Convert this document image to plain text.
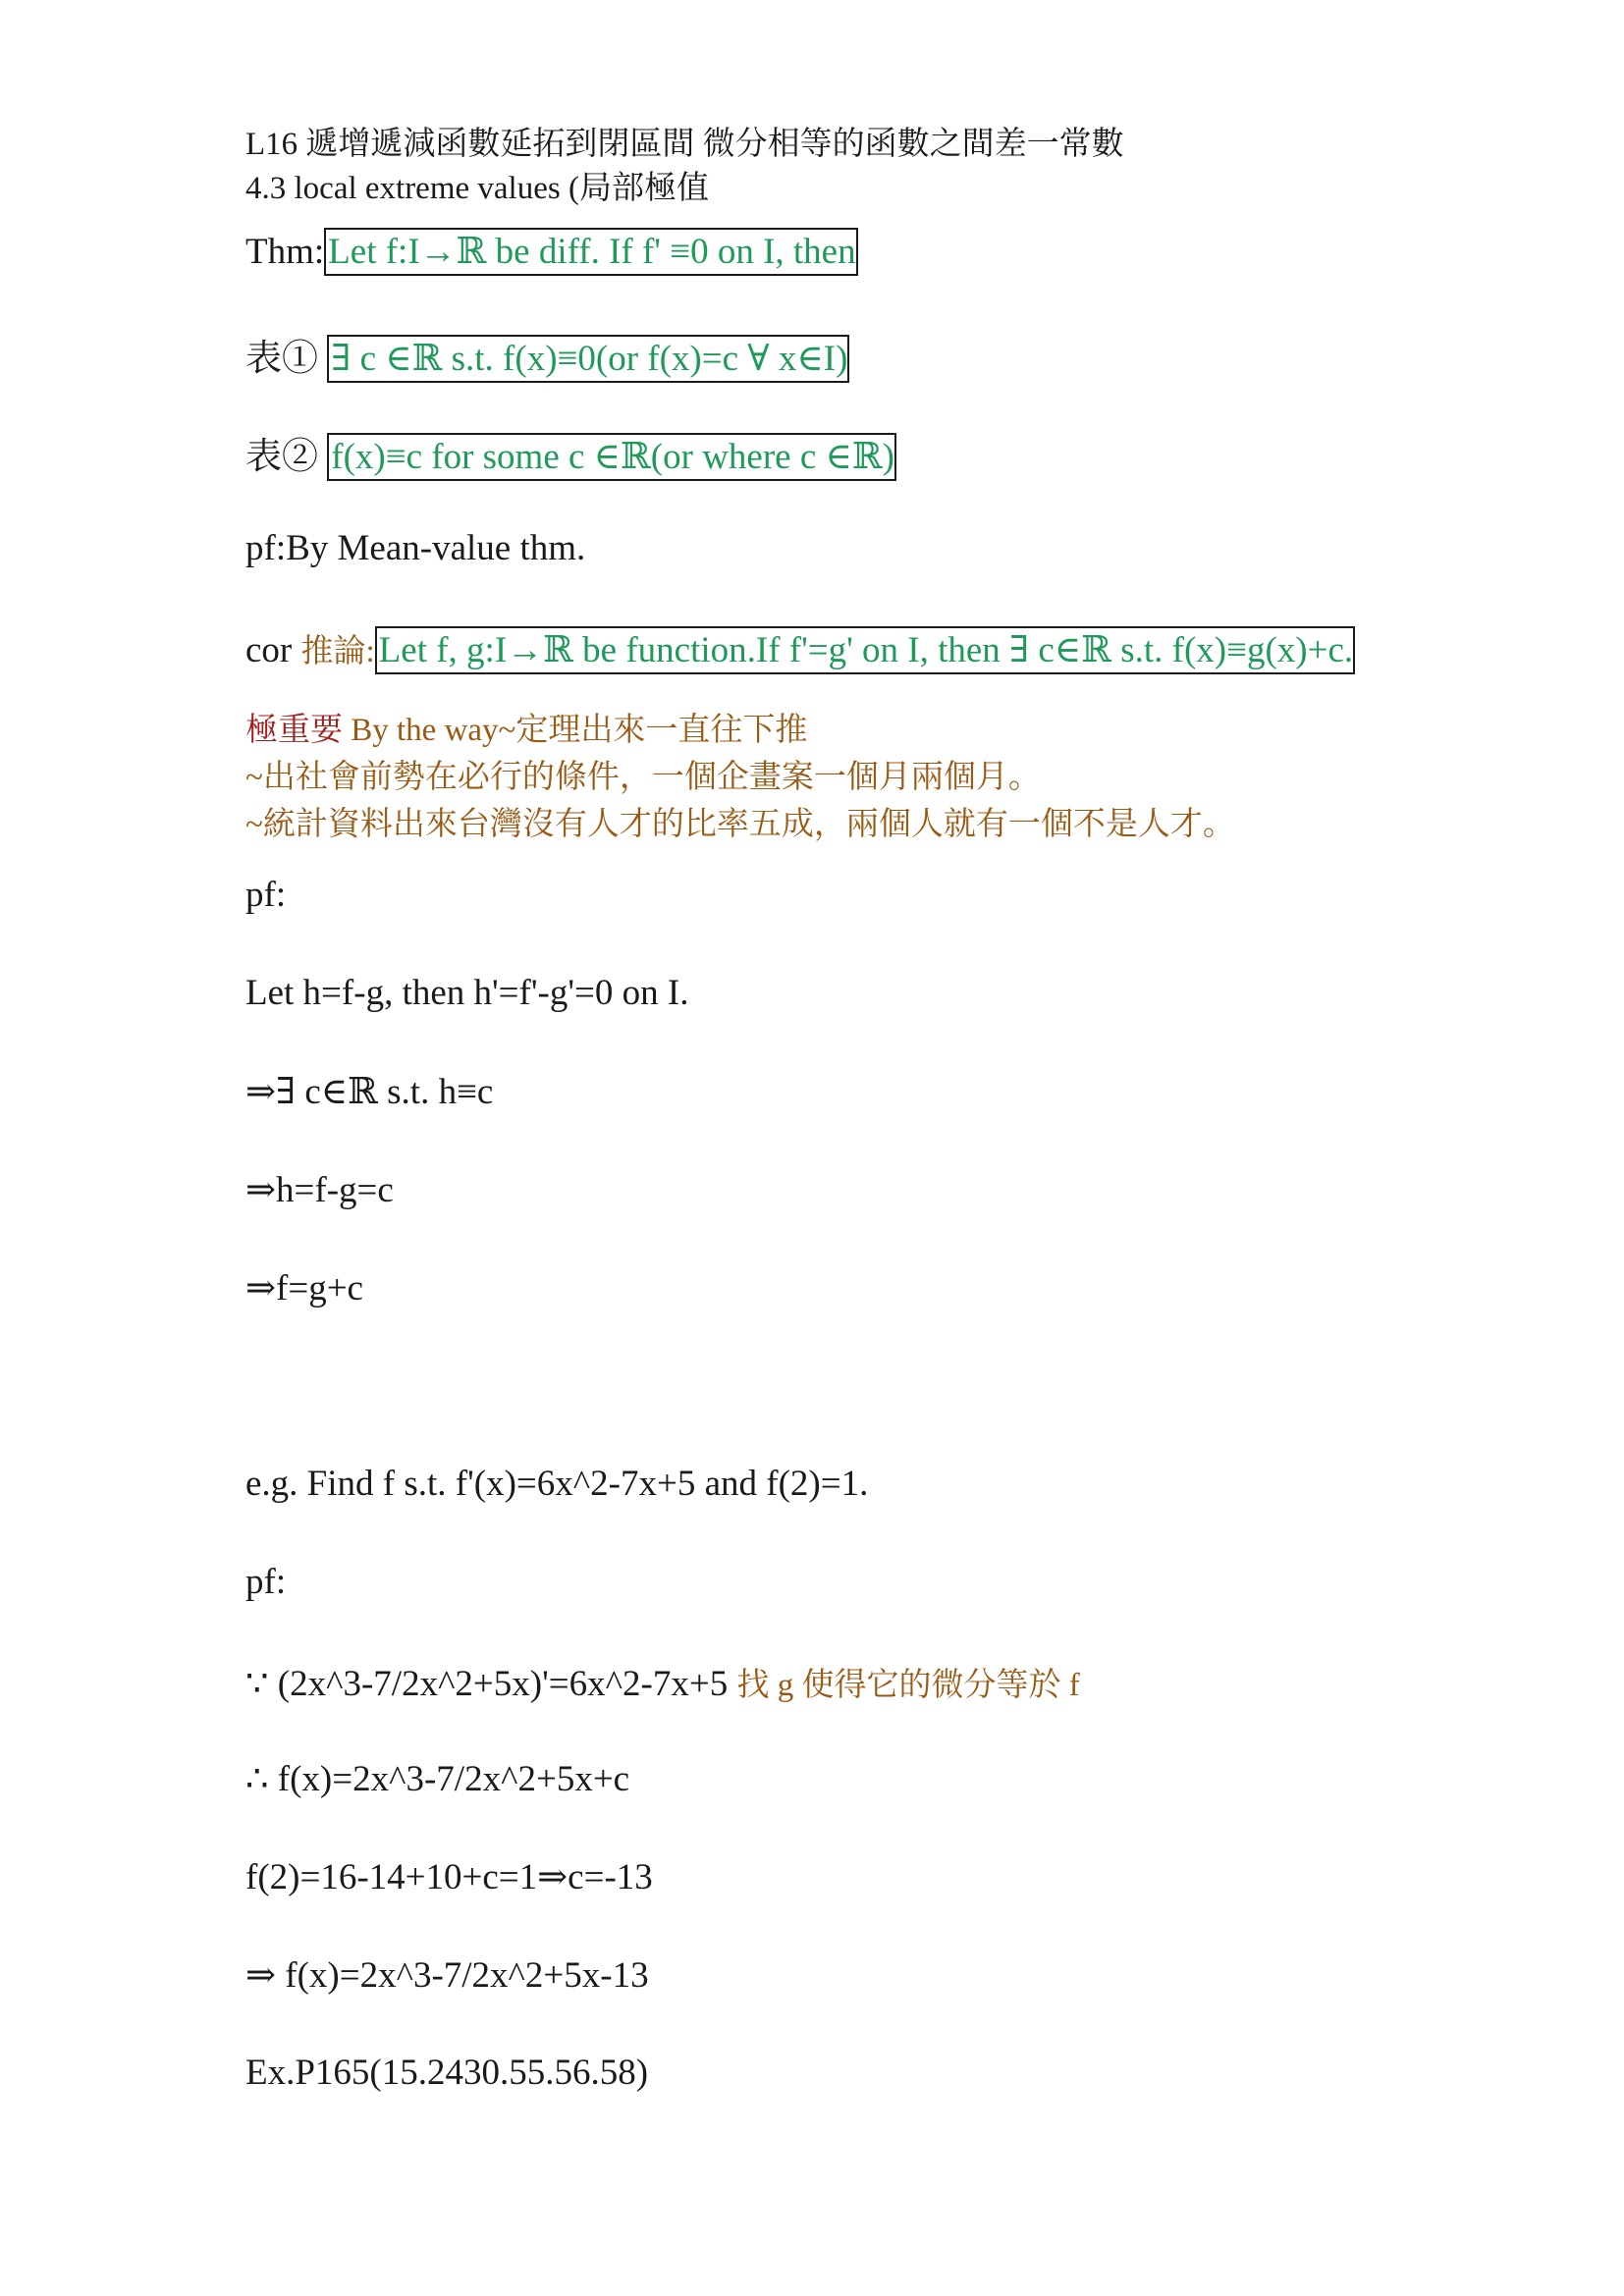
L16 遞增遞減函數延拓到閉區間 微分相等的函數之間差一常數
4.3 local extreme values (局部極值
Thm: Let f:I→ℝ be diff. If f' ≡0 on I, then
表① ∃ c ∈ℝ s.t. f(x)≡0(or f(x)=c ∀ x∈I)
表② f(x)≡c for some c ∈ℝ(or where c ∈ℝ)
pf:By Mean-value thm.
cor 推論: Let f, g:I→ℝ be function.If f'=g' on I, then ∃ c∈ℝ s.t. f(x)≡g(x)+c.
極重要 By the way~定理出來一直往下推
~出社會前勢在必行的條件，一個企畫案一個月兩個月。
~統計資料出來台灣沒有人才的比率五成，兩個人就有一個不是人才。
pf:
Let h=f-g, then h'=f'-g'=0 on I.
⇒∃ c∈ℝ s.t. h≡c
⇒h=f-g=c
⇒f=g+c
e.g. Find f s.t. f'(x)=6x^2-7x+5 and f(2)=1.
pf:
∵ (2x^3-7/2x^2+5x)'=6x^2-7x+5 找 g 使得它的微分等於 f
∴ f(x)=2x^3-7/2x^2+5x+c
f(2)=16-14+10+c=1⇒c=-13
⇒ f(x)=2x^3-7/2x^2+5x-13
Ex.P165(15.2430.55.56.58)
